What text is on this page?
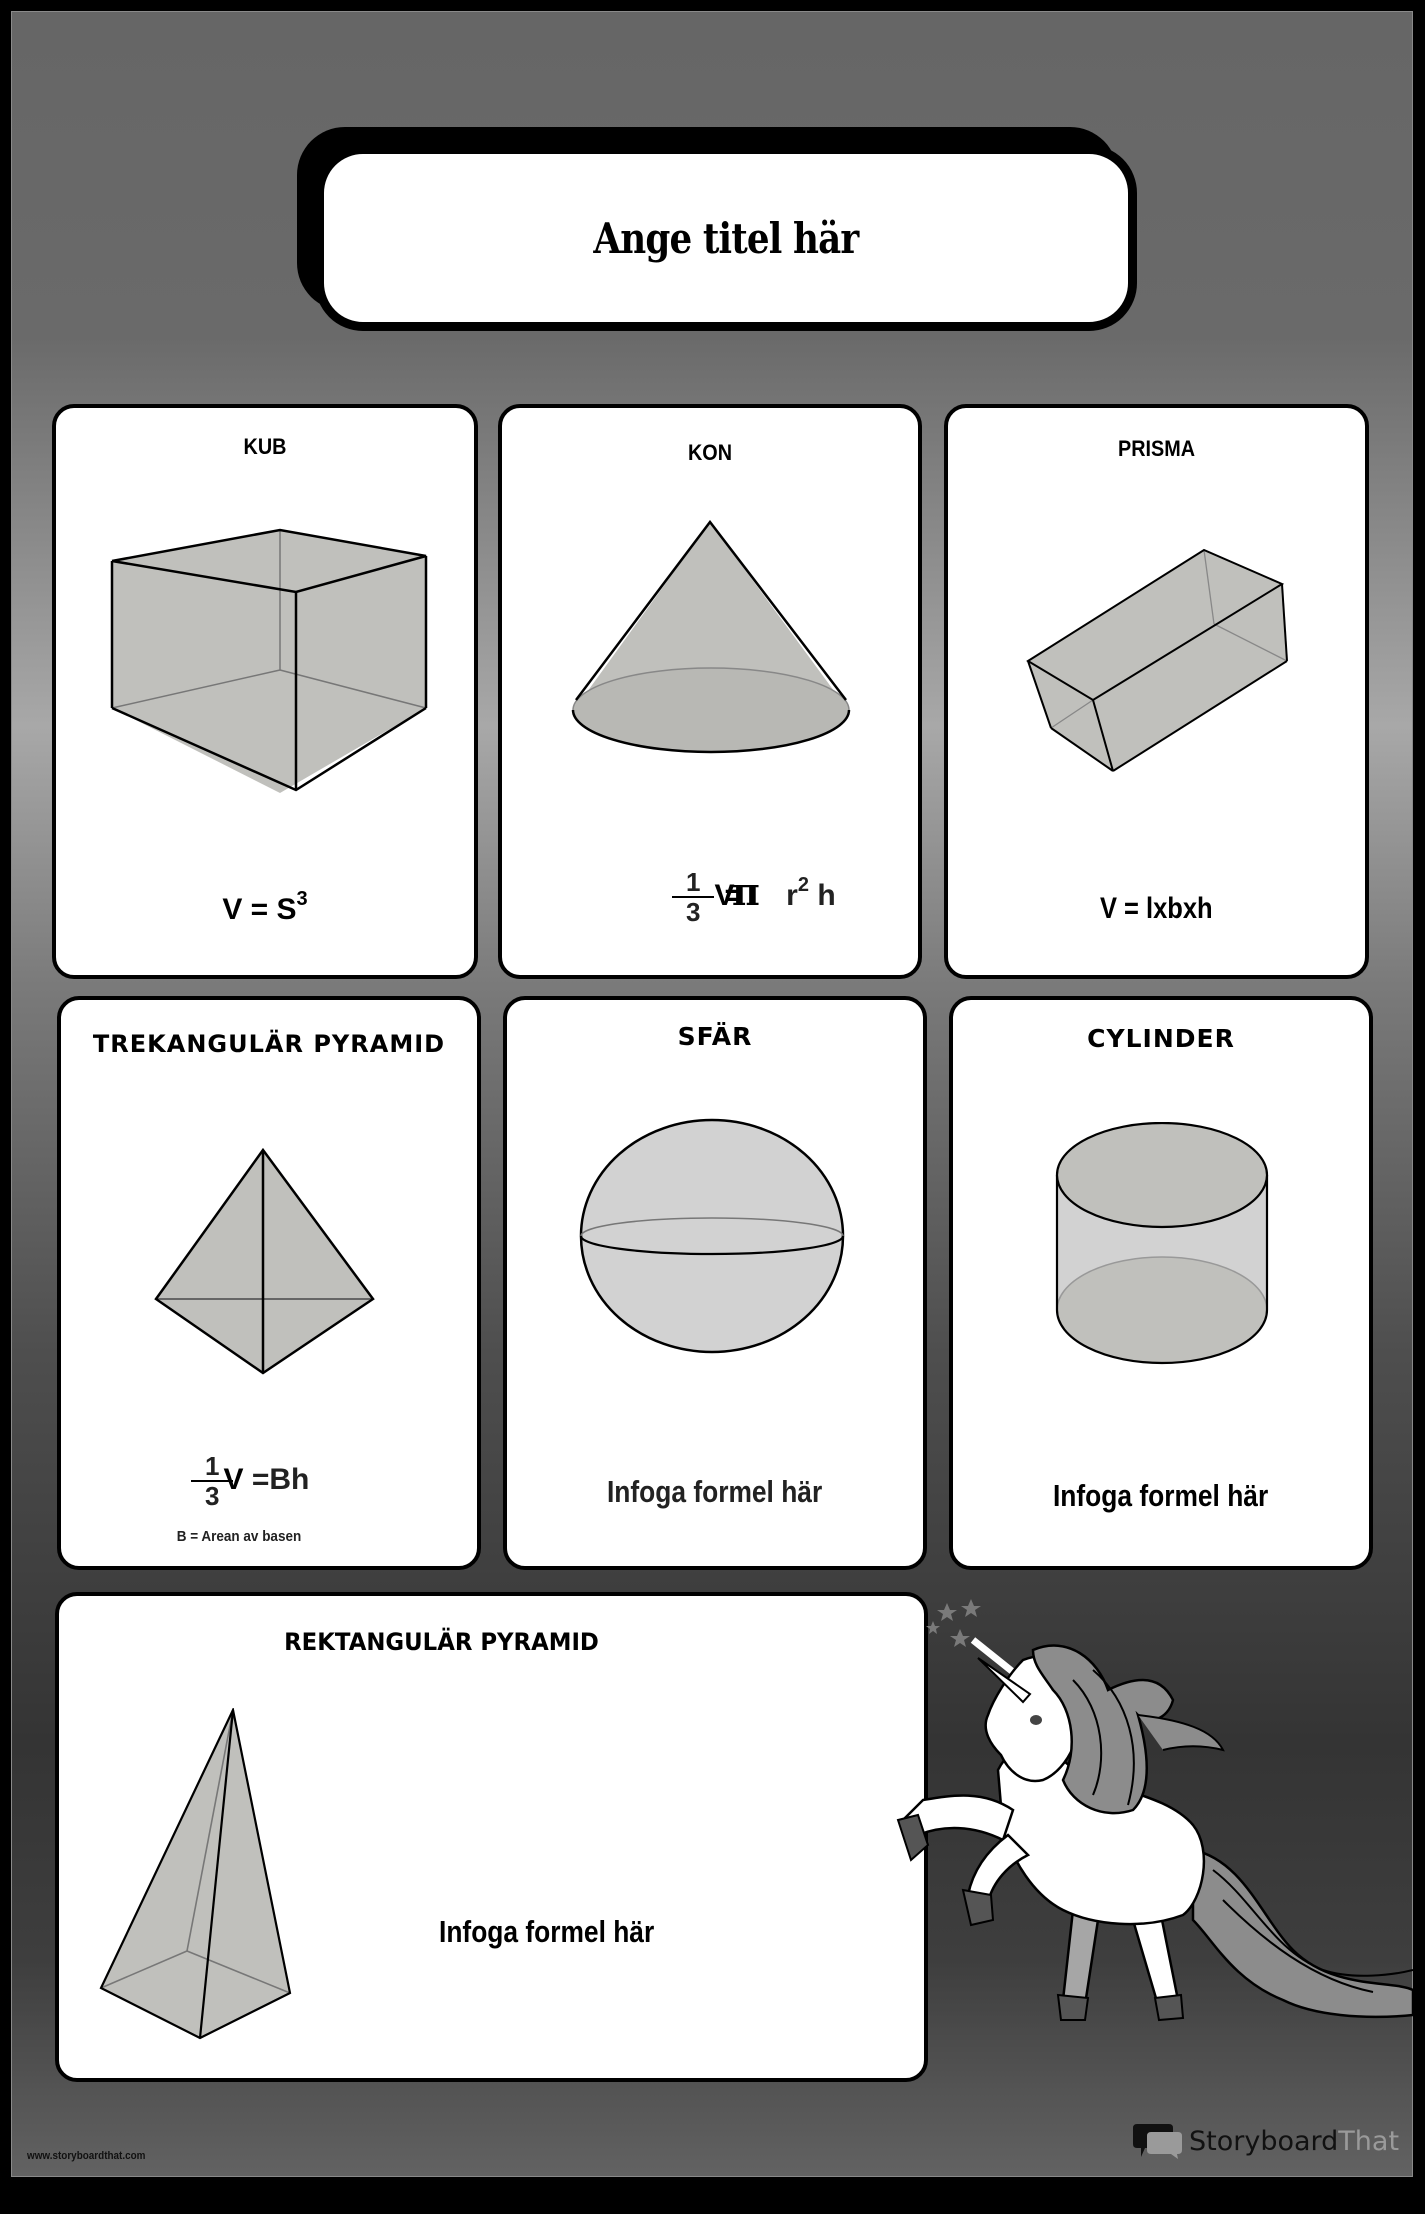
Ange titel här
KUB
$V = S^3$
KON
$\frac{1}{3} V=\pi$ $r^2$ h
PRISMA
V = lxbxh
TREKANGULÄR PYRAMID
$\frac{1}{3}$
V =Bh
B = Arean av basen
SFÄR
Infoga formel här
CYLINDER
Infoga formel här
REKTANGULÄR PYRAMID
Infoga formel här
www.storyboardthat.com	StoryboardThat
